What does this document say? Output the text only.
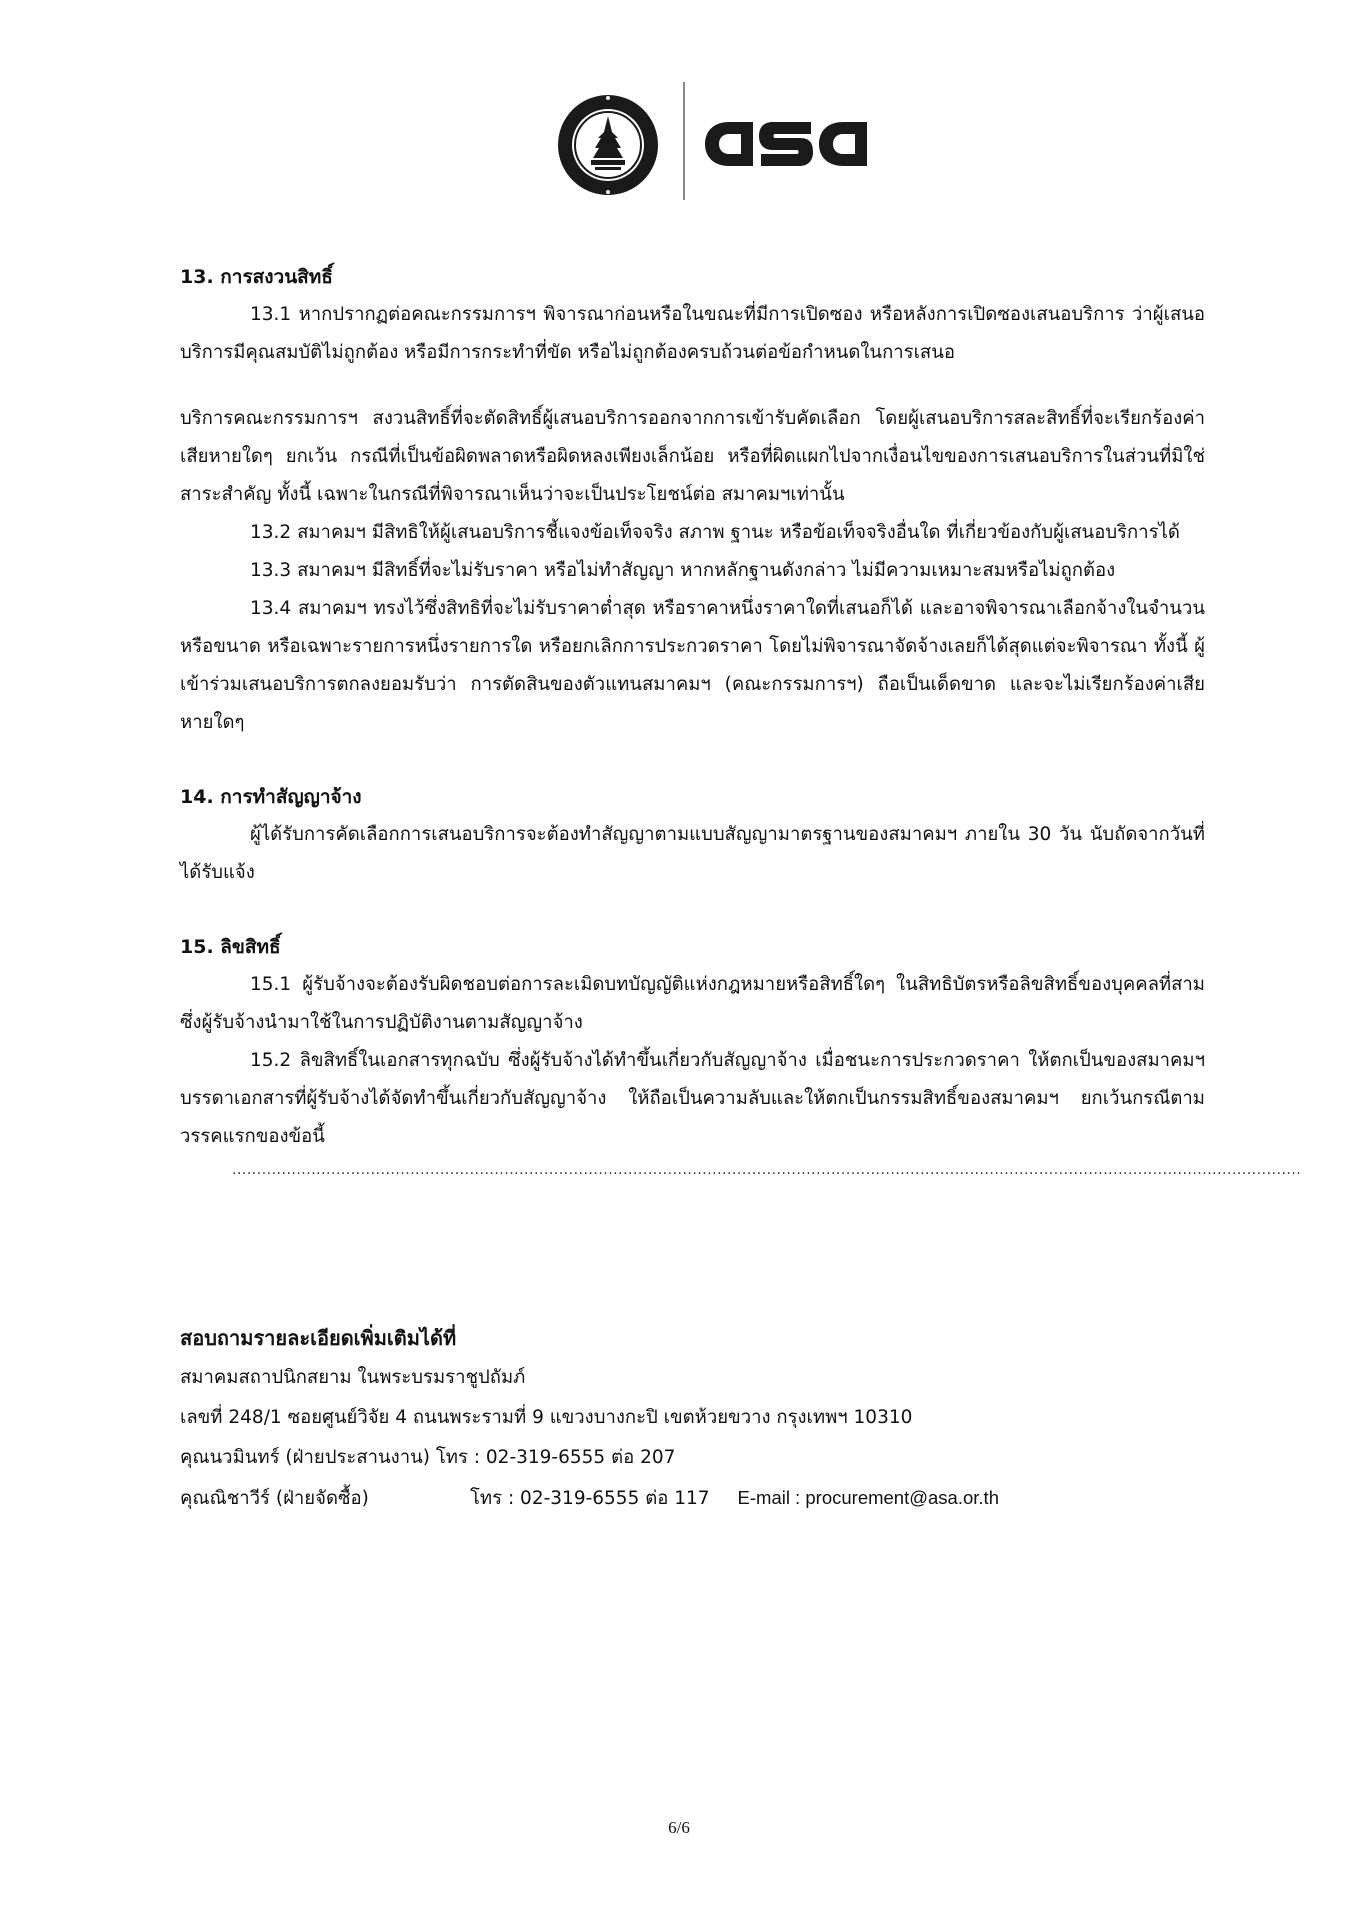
13. การสงวนสิทธิ์

13.1 หากปรากฏต่อคณะกรรมการฯ พิจารณาก่อนหรือในขณะที่มีการเปิดซอง หรือหลังการเปิดซองเสนอบริการ ว่าผู้เสนอบริการมีคุณสมบัติไม่ถูกต้อง หรือมีการกระทำที่ขัด หรือไม่ถูกต้องครบถ้วนต่อข้อกำหนดในการเสนอ

บริการคณะกรรมการฯ สงวนสิทธิ์ที่จะตัดสิทธิ์ผู้เสนอบริการออกจากการเข้ารับคัดเลือก โดยผู้เสนอบริการสละสิทธิ์ที่จะเรียกร้องค่าเสียหายใดๆ ยกเว้น กรณีที่เป็นข้อผิดพลาดหรือผิดหลงเพียงเล็กน้อย หรือที่ผิดแผกไปจากเงื่อนไขของการเสนอบริการในส่วนที่มิใช่สาระสำคัญ ทั้งนี้ เฉพาะในกรณีที่พิจารณาเห็นว่าจะเป็นประโยชน์ต่อ สมาคมฯเท่านั้น

13.2 สมาคมฯ มีสิทธิให้ผู้เสนอบริการชี้แจงข้อเท็จจริง สภาพ ฐานะ หรือข้อเท็จจริงอื่นใด ที่เกี่ยวข้องกับผู้เสนอบริการได้

13.3 สมาคมฯ มีสิทธิ์ที่จะไม่รับราคา หรือไม่ทำสัญญา หากหลักฐานดังกล่าว ไม่มีความเหมาะสมหรือไม่ถูกต้อง

13.4 สมาคมฯ ทรงไว้ซึ่งสิทธิที่จะไม่รับราคาต่ำสุด หรือราคาหนึ่งราคาใดที่เสนอก็ได้ และอาจพิจารณาเลือกจ้างในจำนวน หรือขนาด หรือเฉพาะรายการหนึ่งรายการใด หรือยกเลิกการประกวดราคา โดยไม่พิจารณาจัดจ้างเลยก็ได้สุดแต่จะพิจารณา ทั้งนี้ ผู้เข้าร่วมเสนอบริการตกลงยอมรับว่า การตัดสินของตัวแทนสมาคมฯ (คณะกรรมการฯ) ถือเป็นเด็ดขาด และจะไม่เรียกร้องค่าเสียหายใดๆ

14. การทำสัญญาจ้าง

ผู้ได้รับการคัดเลือกการเสนอบริการจะต้องทำสัญญาตามแบบสัญญามาตรฐานของสมาคมฯ ภายใน 30 วัน นับถัดจากวันที่ได้รับแจ้ง

15. ลิขสิทธิ์

15.1 ผู้รับจ้างจะต้องรับผิดชอบต่อการละเมิดบทบัญญัติแห่งกฎหมายหรือสิทธิ์ใดๆ ในสิทธิบัตรหรือลิขสิทธิ์ของบุคคลที่สาม ซึ่งผู้รับจ้างนำมาใช้ในการปฏิบัติงานตามสัญญาจ้าง

15.2 ลิขสิทธิ์ในเอกสารทุกฉบับ ซึ่งผู้รับจ้างได้ทำขึ้นเกี่ยวกับสัญญาจ้าง เมื่อชนะการประกวดราคา ให้ตกเป็นของสมาคมฯ บรรดาเอกสารที่ผู้รับจ้างได้จัดทำขึ้นเกี่ยวกับสัญญาจ้าง ให้ถือเป็นความลับและให้ตกเป็นกรรมสิทธิ์ของสมาคมฯ ยกเว้นกรณีตามวรรคแรกของข้อนี้

........................................................................................................................................................................................................................
สอบถามรายละเอียดเพิ่มเติมได้ที่
สมาคมสถาปนิกสยาม ในพระบรมราชูปถัมภ์
เลขที่ 248/1 ซอยศูนย์วิจัย 4 ถนนพระรามที่ 9 แขวงบางกะปิ เขตห้วยขวาง กรุงเทพฯ 10310
คุณนวมินทร์ (ฝ่ายประสานงาน) โทร : 02-319-6555 ต่อ 207
คุณณิชาวีร์ (ฝ่ายจัดซื้อ)	โทร : 02-319-6555 ต่อ 117 E-mail : procurement@asa.or.th
6/6
